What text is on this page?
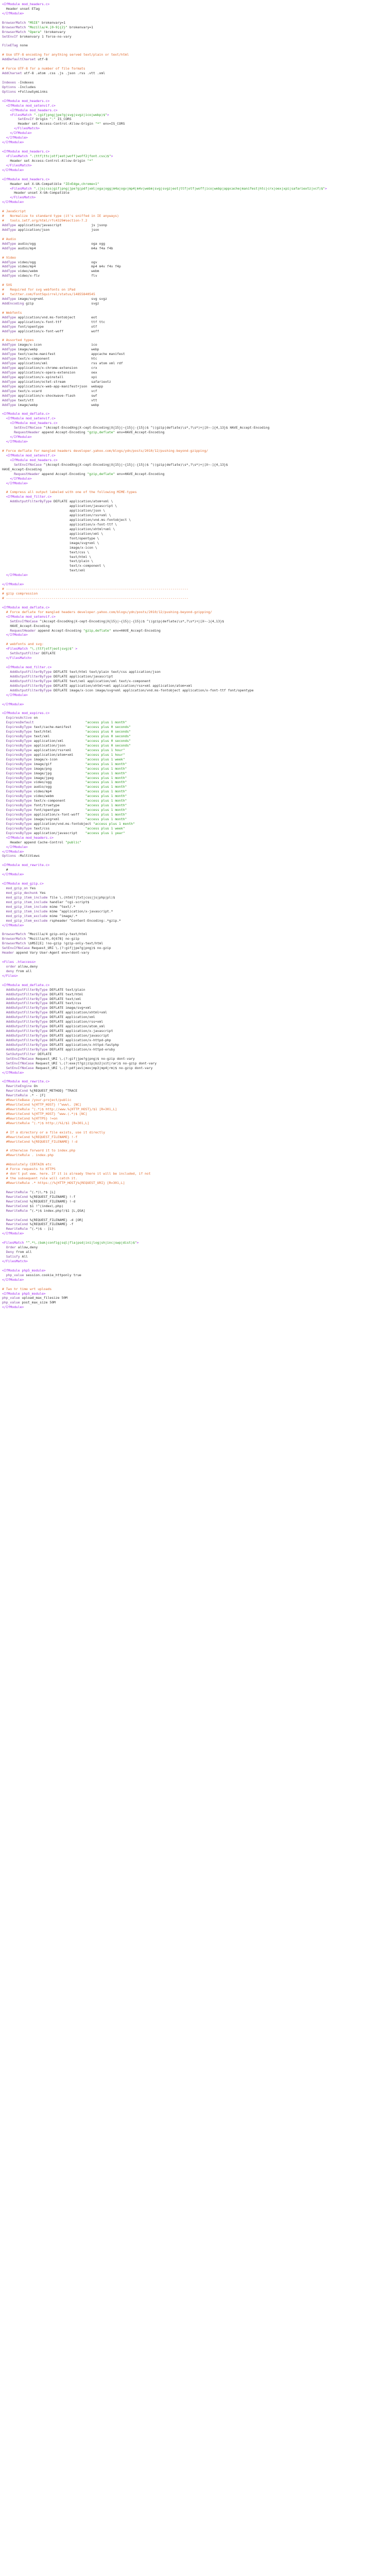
<IfModule mod_headers.c>
Header unset ETag
</IfModule>
BrowserMatch "MSIE" brokenvary=1
BrowserMatch "Mozilla/4.[0-9]{2}" brokenvary=1
BrowserMatch "Opera" !brokenvary
SetEnvIf brokenvary 1 force-no-vary
FileETag none
# Use UTF-8 encoding for anything served text/plain or text/html
AddDefaultCharset utf-8
# Force UTF-8 for a number of file formats
AddCharset utf-8 .atom .css .js .json .rss .vtt .xml
Indexes -Indexes
Options -Includes
Options +FollowSymLinks
<IfModule mod_headers.c>
<IfModule mod_setenvif.c>
<IfModule mod_headers.c>
<FilesMatch ".(gif|png|jpe?g|svg|svgz|ico|webp)$">
SetEnvIf Origin ":" IS_CORS
Header set Access-Control-Allow-Origin "*" env=IS_CORS
</FilesMatch>
</IfModule>
</IfModule>
</IfModule>
<IfModule mod_headers.c>
<FilesMatch ".(ttf|ttc|otf|eot|woff|woff2|font.css)$">
Header set Access-Control-Allow-Origin "*"
</FilesMatch>
</IfModule>
<IfModule mod_headers.c>
Header set X-UA-Compatible "IE=Edge,chrome=1"
<FilesMatch ".(js|css|gif|png|jpe?g|pdf|xml|oga|ogg|m4a|ogv|mp4|m4v|webm|svg|svgz|eot|ttf|otf|woff|ico|webp|appcache|manifest|htc|crx|oex|xpi|safariextz|vcf)$">
Header unset X-UA-Compatible
</FilesMatch>
</IfModule>
# JavaScript
#   Normalize to standard type (it's sniffed in IE anyways)
#   tools.ietf.org/html/rfc4329#section-7.2
AddType application/javascript               js jsonp
AddType application/json                     json
# Audio
AddType audio/ogg                            oga ogg
AddType audio/mp4                            m4a f4a f4b
# Video
AddType video/ogg                            ogv
AddType video/mp4                            mp4 m4v f4v f4p
AddType video/webm                           webm
AddType video/x-flv                          flv
# SVG
#   Required for svg webfonts on iPad
#   twitter.com/FontSquirrel/status/14855840545
AddType image/svg+xml                        svg svgz
AddEncoding gzip                             svgz
# Webfonts
AddType application/vnd.ms-fontobject        eot
AddType application/x-font-ttf               ttf ttc
AddType font/opentype                        otf
AddType application/x-font-woff              woff
# Assorted types
AddType image/x-icon                         ico
AddType image/webp                           webp
AddType text/cache-manifest                  appcache manifest
AddType text/x-component                     htc
AddType application/xml                      rss atom xml rdf
AddType application/x-chrome-extension       crx
AddType application/x-opera-extension        oex
AddType application/x-xpinstall              xpi
AddType application/octet-stream             safariextz
AddType application/x-web-app-manifest+json  webapp
AddType text/x-vcard                         vcf
AddType application/x-shockwave-flash        swf
AddType text/vtt                             vtt
AddType image/webp                           webp
<IfModule mod_deflate.c>
<IfModule mod_setenvif.c>
<IfModule mod_headers.c>
SetEnvIfNoCase ^(Accept-EncodXng|X-cept-Encoding|X{15}|~{15}|-{15})$ ^((gzip|deflate)\s*,?\s*)+|[X~-]{4,13}$ HAVE_Accept-Encoding
RequestHeader append Accept-Encoding "gzip,deflate" env=HAVE_Accept-Encoding
</IfModule>
</IfModule>
# Force deflate for mangled headers developer.yahoo.com/blogs/ydn/posts/2010/12/pushing-beyond-gzipping/
<IfModule mod_setenvif.c>
<IfModule mod_headers.c>
SetEnvIfNoCase ^(Accept-EncodXng|X-cept-Encoding|X{15}|~{15}|-{15})$ ^((gzip|deflate)\s*,?\s*)+|[X~-]{4,13}$
HAVE_Accept-Encoding
RequestHeader append Accept-Encoding "gzip,deflate" env=HAVE_Accept-Encoding
</IfModule>
</IfModule>
# Compress all output labeled with one of the following MIME-types
<IfModule mod_filter.c>
AddOutputFilterByType DEFLATE application/atom+xml \
application/javascript \
application/json \
application/rss+xml \
application/vnd.ms-fontobject \
application/x-font-ttf \
application/xhtml+xml \
application/xml \
font/opentype \
image/svg+xml \
image/x-icon \
text/css \
text/html \
text/plain \
text/x-component \
text/xml
</IfModule>
</IfModule>
# --------------------------------------------------------------------------------------------
# gzip compression
# --------------------------------------------------------------------------------------------
<IfModule mod_deflate.c>
# Force deflate for mangled headers developer.yahoo.com/blogs/ydn/posts/2010/12/pushing-beyond-gzipping/
<IfModule mod_setenvif.c>
SetEnvIfNoCase ^(Accept-EncodXng|X-cept-Encoding|X{15}|~{15}|-{15})$ ^((gzip|deflate)\s*,?\s*)+|[X~-]{4,13}$
HAVE_Accept-Encoding
RequestHeader append Accept-Encoding "gzip,deflate" env=HAVE_Accept-Encoding
</IfModule>
# webfonts and svg:
<FilesMatch "\.(ttf|otf|eot|svg)$" >
SetOutputFilter DEFLATE
</FilesMatch>
<IfModule mod_filter.c>
AddOutputFilterByType DEFLATE text/html text/plain text/css application/json
AddOutputFilterByType DEFLATE application/javascript
AddOutputFilterByType DEFLATE text/xml application/xml text/x-component
AddOutputFilterByType DEFLATE application/xhtml+xml application/rss+xml application/atom+xml
AddOutputFilterByType DEFLATE image/x-icon image/svg+xml application/vnd.ms-fontobject application/x-font-ttf font/opentype
</IfModule>
</IfModule>
<IfModule mod_expires.c>
ExpiresActive on
ExpiresDefault                          "access plus 1 month"
ExpiresByType text/cache-manifest       "access plus 0 seconds"
ExpiresByType text/html                 "access plus 0 seconds"
ExpiresByType text/xml                  "access plus 0 seconds"
ExpiresByType application/xml           "access plus 0 seconds"
ExpiresByType application/json          "access plus 0 seconds"
ExpiresByType application/rss+xml       "access plus 1 hour"
ExpiresByType application/atom+xml      "access plus 1 hour"
ExpiresByType image/x-icon              "access plus 1 week"
ExpiresByType image/gif                 "access plus 1 month"
ExpiresByType image/png                 "access plus 1 month"
ExpiresByType image/jpg                 "access plus 1 month"
ExpiresByType image/jpeg                "access plus 1 month"
ExpiresByType video/ogg                 "access plus 1 month"
ExpiresByType audio/ogg                 "access plus 1 month"
ExpiresByType video/mp4                 "access plus 1 month"
ExpiresByType video/webm                "access plus 1 month"
ExpiresByType text/x-component          "access plus 1 month"
ExpiresByType font/truetype             "access plus 1 month"
ExpiresByType font/opentype             "access plus 1 month"
ExpiresByType application/x-font-woff   "access plus 1 month"
ExpiresByType image/svg+xml             "access plus 1 month"
ExpiresByType application/vnd.ms-fontobject "access plus 1 month"
ExpiresByType text/css                  "access plus 1 week"
ExpiresByType application/javascript    "access plus 1 year"
<IfModule mod_headers.c>
Header append Cache-Control "public"
</IfModule>
</IfModule>
Options -MultiViews
<IfModule mod_rewrite.c>
#
</IfModule>
<IfModule mod_gzip.c>
mod_gzip_on Yes
mod_gzip_dechunk Yes
mod_gzip_item_include file \.(html?|txt|css|js|php|pl)$
mod_gzip_item_include handler ^cgi-script$
mod_gzip_item_include mime ^text/.*
mod_gzip_item_include mime ^application/x-javascript.*
mod_gzip_item_exclude mime ^image/.*
mod_gzip_item_exclude rspheader ^Content-Encoding:.*gzip.*
</IfModule>
BrowserMatch ^Mozilla/4 gzip-only-text/html
BrowserMatch ^Mozilla/4\.0[678] no-gzip
BrowserMatch \bMSI[E] !no-gzip !gzip-only-text/html
SetEnvIfNoCase Request_URI \.(?:gif|jpe?g|png)$ no-gzip
Header append Vary User-Agent env=!dont-vary
<Files .htaccess>
order allow,deny
deny from all
</Files>
<IfModule mod_deflate.c>
AddOutputFilterByType DEFLATE text/plain
AddOutputFilterByType DEFLATE text/html
AddOutputFilterByType DEFLATE text/xml
AddOutputFilterByType DEFLATE text/css
AddOutputFilterByType DEFLATE image/svg+xml
AddOutputFilterByType DEFLATE application/xhtml+xml
AddOutputFilterByType DEFLATE application/xml
AddOutputFilterByType DEFLATE application/rss+xml
AddOutputFilterByType DEFLATE application/atom_xml
AddOutputFilterByType DEFLATE application/x-javascript
AddOutputFilterByType DEFLATE application/javascript
AddOutputFilterByType DEFLATE application/x-httpd-php
AddOutputFilterByType DEFLATE application/x-httpd-fastphp
AddOutputFilterByType DEFLATE application/x-httpd-eruby
SetOutputFilter DEFLATE
SetEnvIfNoCase Request_URI \.(?:gif|jpe?g|png)$ no-gzip dont-vary
SetEnvIfNoCase Request_URI \.(?:exe|t?gz|zip|bz2|sit|rar)$ no-gzip dont-vary
SetEnvIfNoCase Request_URI \.(?:pdf|avi|mov|mp3|mp4|rm)$ no-gzip dont-vary
</IfModule>
<IfModule mod_rewrite.c>
RewriteEngine On
RewriteCond %{REQUEST_METHOD} ^TRACE
RewriteRule .* - [F]
#RewriteBase /your-project/public
#RewriteCond %{HTTP_HOST} !^www\. [NC]
#RewriteRule ^(.*)$ http://www.%{HTTP_HOST}/$1 [R=301,L]
#RewriteCond %{HTTP_HOST} ^www.(.*)$ [NC]
#RewriteCond %{HTTPS} !=on
#RewriteRule ^(.*)$ http://%1/$1 [R=301,L]
# If a directory or a file exists, use it directly
#RewriteCond %{REQUEST_FILENAME} !-f
#RewriteCond %{REQUEST_FILENAME} !-d
# otherwise forward it to index.php
#RewriteRule . index.php
#Absolutely CERTAIN etc
# Force requests to HTTPS
# don't put www. here. If it is already there it will be included, if not
# the subsequent rule will catch it.
#RewriteRule .* https://%{HTTP_HOST}%{REQUEST_URI} [R=301,L]
RewriteRule ^(.*)\.*$ [L]
RewriteCond %{REQUEST_FILENAME} !-f
RewriteCond %{REQUEST_FILENAME} !-d
RewriteCond $1 !^(index\.php)
RewriteRule ^(.*)$ index.php?/$1 [L,QSA]
RewriteCond %{REQUEST_FILENAME} -d [OR]
RewriteCond %{REQUEST_FILENAME} -f
RewriteRule ^(.*)$ - [L]
</IfModule>
<FilesMatch "^.*\.(bak|config|sql|fla|psd|ini|log|sh|inc|swp|dist)$">
Order allow,deny
Deny from all
Satisfy All
</FilesMatch>
<IfModule php5_module>
php_value session.cookie_httponly true
</IfModule>
# Two hr time wrt uploads
<IfModule php5_module>
php_value upload_max_filesize 50M
php_value post_max_size 50M
</IfModule>
